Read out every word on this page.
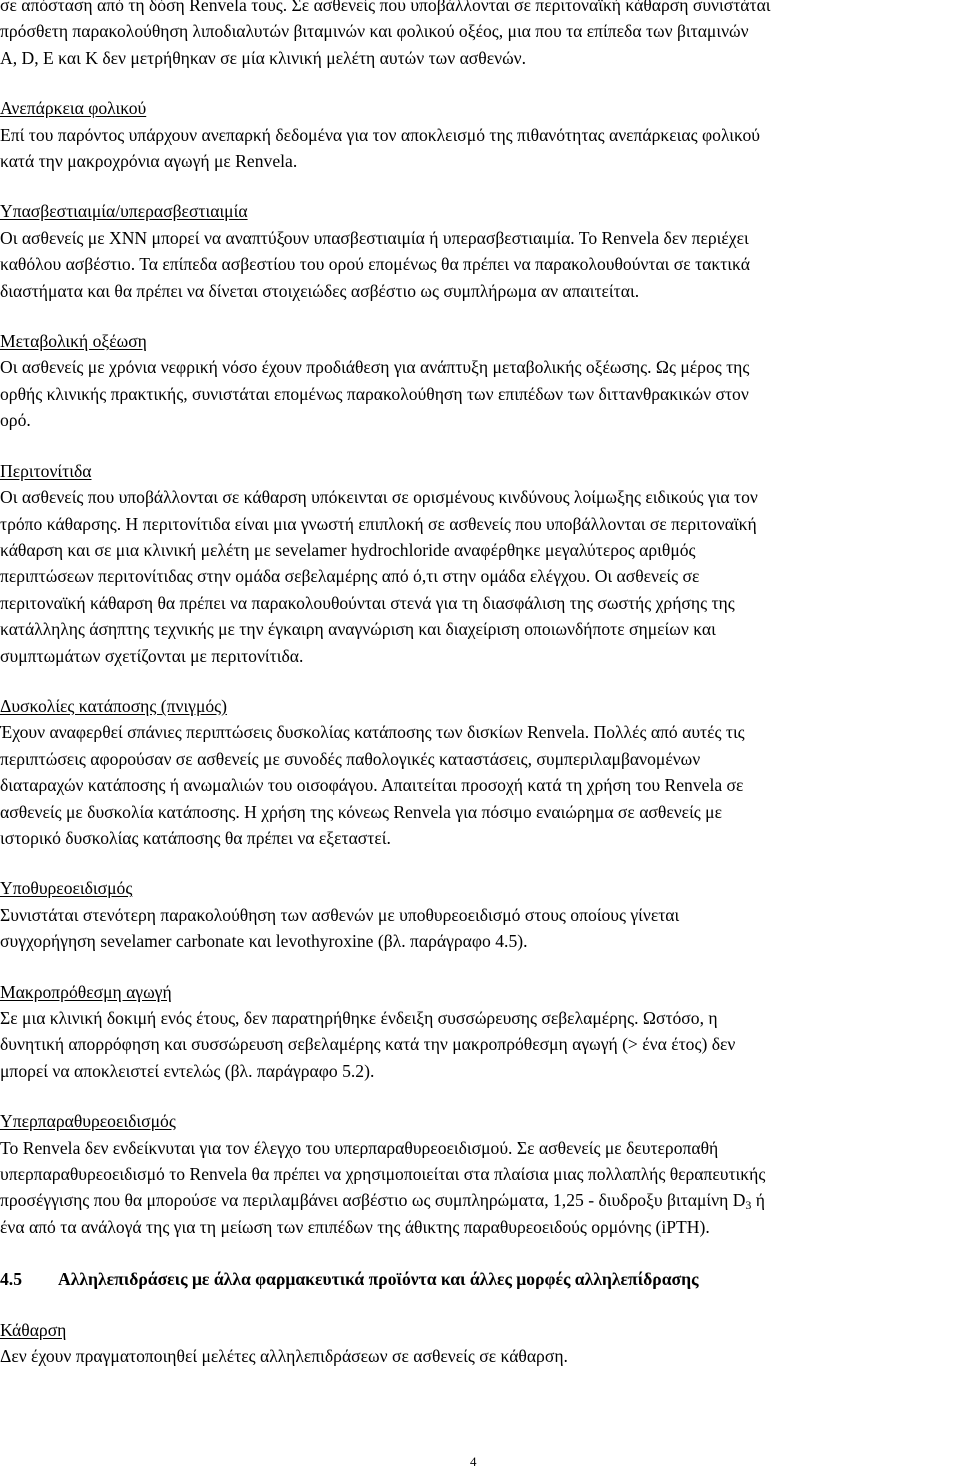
σε απόσταση από τη δόση Renvela τους. Σε ασθενείς που υποβάλλονται σε περιτοναϊκή κάθαρση συνιστάται

πρόσθετη παρακολούθηση λιποδιαλυτών βιταμινών και φολικού οξέος, μια που τα επίπεδα των βιταμινών

A, D, E και K δεν μετρήθηκαν σε μία κλινική μελέτη αυτών των ασθενών.

Ανεπάρκεια φολικού

Επί του παρόντος υπάρχουν ανεπαρκή δεδομένα για τον αποκλεισμό της πιθανότητας ανεπάρκειας φολικού

κατά την μακροχρόνια αγωγή με Renvela.

Υπασβεστιαιμία/υπερασβεστιαιμία

Οι ασθενείς με ΧΝΝ μπορεί να αναπτύξουν υπασβεστιαιμία ή υπερασβεστιαιμία. Το Renvela δεν περιέχει

καθόλου ασβέστιο. Τα επίπεδα ασβεστίου του ορού επομένως θα πρέπει να παρακολουθούνται σε τακτικά

διαστήματα και θα πρέπει να δίνεται στοιχειώδες ασβέστιο ως συμπλήρωμα αν απαιτείται.

Μεταβολική οξέωση

Οι ασθενείς με χρόνια νεφρική νόσο έχουν προδιάθεση για ανάπτυξη μεταβολικής οξέωσης. Ως μέρος της

ορθής κλινικής πρακτικής, συνιστάται επομένως παρακολούθηση των επιπέδων των διττανθρακικών στον

ορό.

Περιτονίτιδα

Οι ασθενείς που υποβάλλονται σε κάθαρση υπόκεινται σε ορισμένους κινδύνους λοίμωξης ειδικούς για τον

τρόπο κάθαρσης. Η περιτονίτιδα είναι μια γνωστή επιπλοκή σε ασθενείς που υποβάλλονται σε περιτοναϊκή

κάθαρση και σε μια κλινική μελέτη με sevelamer hydrochloride αναφέρθηκε μεγαλύτερος αριθμός

περιπτώσεων περιτονίτιδας στην ομάδα σεβελαμέρης από ό,τι στην ομάδα ελέγχου. Οι ασθενείς σε

περιτοναϊκή κάθαρση θα πρέπει να παρακολουθούνται στενά για τη διασφάλιση της σωστής χρήσης της

κατάλληλης άσηπτης τεχνικής με την έγκαιρη αναγνώριση και διαχείριση οποιωνδήποτε σημείων και

συμπτωμάτων σχετίζονται με περιτονίτιδα.

Δυσκολίες κατάποσης (πνιγμός)

Έχουν αναφερθεί σπάνιες περιπτώσεις δυσκολίας κατάποσης των δισκίων Renvela. Πολλές από αυτές τις

περιπτώσεις αφορούσαν σε ασθενείς με συνοδές παθολογικές καταστάσεις, συμπεριλαμβανομένων

διαταραχών κατάποσης ή ανωμαλιών του οισοφάγου. Απαιτείται προσοχή κατά τη χρήση του Renvela σε

ασθενείς με δυσκολία κατάποσης. Η χρήση της κόνεως Renvela για πόσιμο εναιώρημα σε ασθενείς με

ιστορικό δυσκολίας κατάποσης θα πρέπει να εξεταστεί.

Υποθυρεοειδισμός

Συνιστάται στενότερη παρακολούθηση των ασθενών με υποθυρεοειδισμό στους οποίους γίνεται

συγχορήγηση sevelamer carbonate και levothyroxine (βλ. παράγραφο 4.5).

Μακροπρόθεσμη αγωγή

Σε μια κλινική δοκιμή ενός έτους, δεν παρατηρήθηκε ένδειξη συσσώρευσης σεβελαμέρης. Ωστόσο, η

δυνητική απορρόφηση και συσσώρευση σεβελαμέρης κατά την μακροπρόθεσμη αγωγή (> ένα έτος) δεν

μπορεί να αποκλειστεί εντελώς (βλ. παράγραφο 5.2).

Υπερπαραθυρεοειδισμός

Το Renvela δεν ενδείκνυται για τον έλεγχο του υπερπαραθυρεοειδισμού. Σε ασθενείς με δευτεροπαθή

υπερπαραθυρεοειδισμό το Renvela θα πρέπει να χρησιμοποιείται στα πλαίσια μιας πολλαπλής θεραπευτικής

προσέγγισης που θα μπορούσε να περιλαμβάνει ασβέστιο ως συμπληρώματα, 1,25 - διυδροξυ βιταμίνη $D_3$ ή

ένα από τα ανάλογά της για τη μείωση των επιπέδων της άθικτης παραθυρεοειδούς ορμόνης (iPTH).

4.5 Αλληλεπιδράσεις με άλλα φαρμακευτικά προϊόντα και άλλες μορφές αλληλεπίδρασης

Κάθαρση

Δεν έχουν πραγματοποιηθεί μελέτες αλληλεπιδράσεων σε ασθενείς σε κάθαρση.

4
